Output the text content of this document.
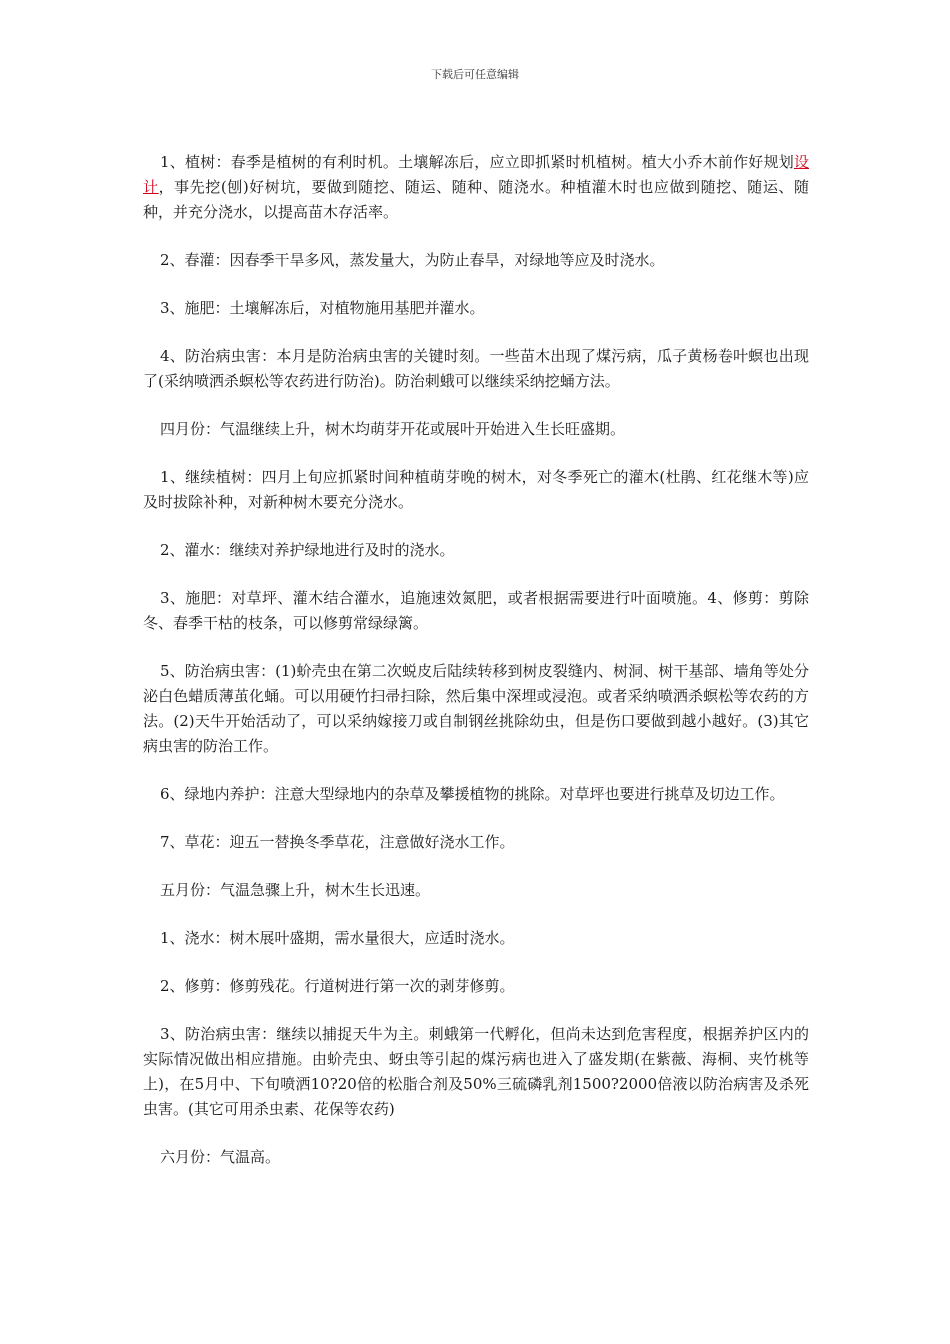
下载后可任意编辑

1、植树：春季是植树的有利时机。土壤解冻后，应立即抓紧时机植树。植大小乔木前作好规划设计，事先挖(刨)好树坑，要做到随挖、随运、随种、随浇水。种植灌木时也应做到随挖、随运、随种，并充分浇水，以提高苗木存活率。

2、春灌：因春季干旱多风，蒸发量大，为防止春旱，对绿地等应及时浇水。

3、施肥：土壤解冻后，对植物施用基肥并灌水。

4、防治病虫害：本月是防治病虫害的关键时刻。一些苗木出现了煤污病，瓜子黄杨卷叶螟也出现了(采纳喷洒杀螟松等农药进行防治)。防治刺蛾可以继续采纳挖蛹方法。

四月份：气温继续上升，树木均萌芽开花或展叶开始进入生长旺盛期。

1、继续植树：四月上旬应抓紧时间种植萌芽晚的树木，对冬季死亡的灌木(杜鹃、红花继木等)应及时拔除补种，对新种树木要充分浇水。

2、灌水：继续对养护绿地进行及时的浇水。

3、施肥：对草坪、灌木结合灌水，追施速效氮肥，或者根据需要进行叶面喷施。4、修剪：剪除冬、春季干枯的枝条，可以修剪常绿绿篱。

5、防治病虫害：(1)蚧壳虫在第二次蜕皮后陆续转移到树皮裂缝内、树洞、树干基部、墙角等处分泌白色蜡质薄茧化蛹。可以用硬竹扫帚扫除，然后集中深埋或浸泡。或者采纳喷洒杀螟松等农药的方法。(2)天牛开始活动了，可以采纳嫁接刀或自制钢丝挑除幼虫，但是伤口要做到越小越好。(3)其它病虫害的防治工作。

6、绿地内养护：注意大型绿地内的杂草及攀援植物的挑除。对草坪也要进行挑草及切边工作。

7、草花：迎五一替换冬季草花，注意做好浇水工作。

五月份：气温急骤上升，树木生长迅速。

1、浇水：树木展叶盛期，需水量很大，应适时浇水。

2、修剪：修剪残花。行道树进行第一次的剥芽修剪。

3、防治病虫害：继续以捕捉天牛为主。刺蛾第一代孵化，但尚未达到危害程度，根据养护区内的实际情况做出相应措施。由蚧壳虫、蚜虫等引起的煤污病也进入了盛发期(在紫薇、海桐、夹竹桃等上)，在5月中、下旬喷洒10?20倍的松脂合剂及50%三硫磷乳剂1500?2000倍液以防治病害及杀死虫害。(其它可用杀虫素、花保等农药)

六月份：气温高。
